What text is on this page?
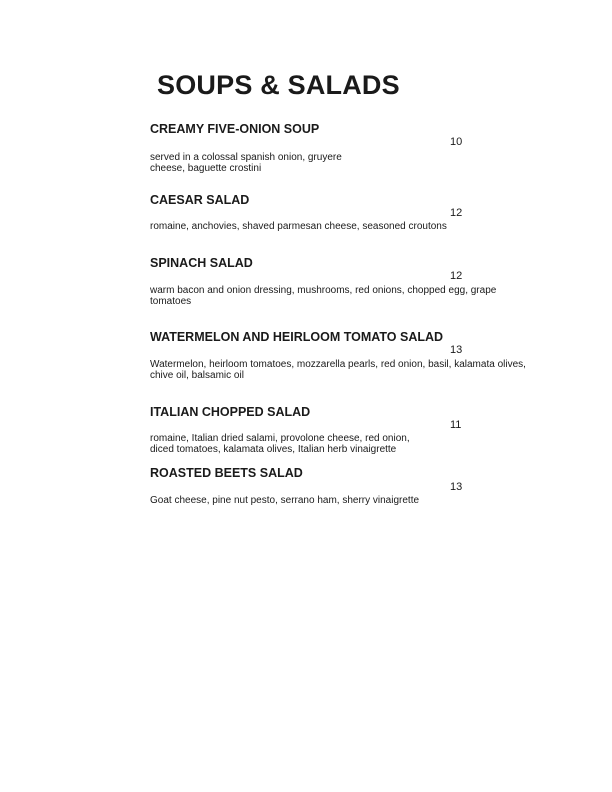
SOUPS & SALADS
CREAMY FIVE-ONION SOUP
10

served in a colossal spanish onion, gruyere cheese, baguette crostini

CAESAR SALAD
12

romaine, anchovies, shaved parmesan cheese, seasoned croutons

SPINACH SALAD
12

warm bacon and onion dressing, mushrooms, red onions, chopped egg, grape tomatoes

WATERMELON AND HEIRLOOM TOMATO SALAD
13

Watermelon, heirloom tomatoes, mozzarella pearls, red onion, basil, kalamata olives, chive oil, balsamic oil

ITALIAN CHOPPED SALAD
11

romaine, Italian dried salami, provolone cheese, red onion, diced tomatoes, kalamata olives, Italian herb vinaigrette

ROASTED BEETS SALAD
13

Goat cheese, pine nut pesto, serrano ham, sherry vinaigrette
